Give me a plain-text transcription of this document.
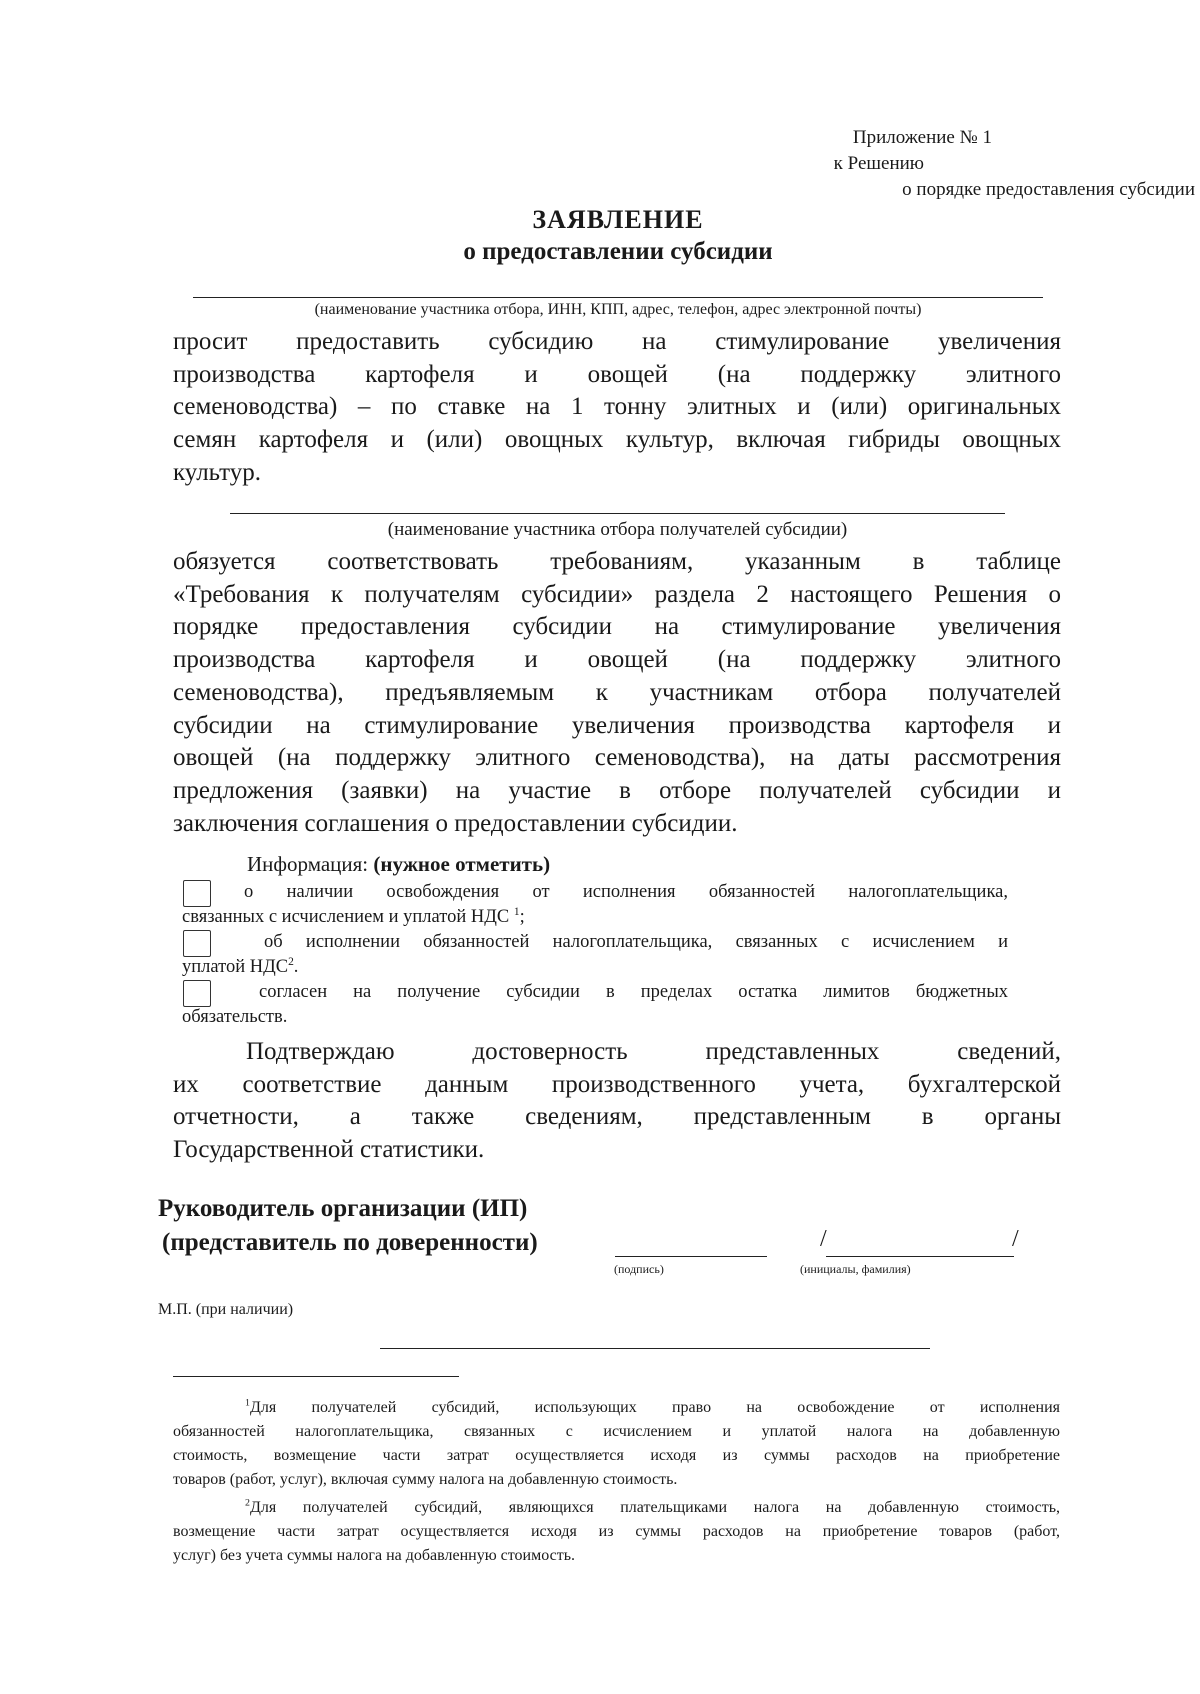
Приложение № 1
к Решению
о порядке предоставления субсидии
ЗАЯВЛЕНИЕ
о предоставлении субсидии
(наименование участника отбора, ИНН, КПП, адрес, телефон, адрес электронной почты)
просит предоставить субсидию на стимулирование увеличения
производства картофеля и овощей (на поддержку элитного
семеноводства) – по ставке на 1 тонну элитных и (или) оригинальных
семян картофеля и (или) овощных культур, включая гибриды овощных
культур.
(наименование участника отбора получателей субсидии)
обязуется соответствовать требованиям, указанным в таблице
«Требования к получателям субсидии» раздела 2 настоящего Решения о
порядке предоставления субсидии на стимулирование увеличения
производства картофеля и овощей (на поддержку элитного
семеноводства), предъявляемым к участникам отбора получателей
субсидии на стимулирование увеличения производства картофеля и
овощей (на поддержку элитного семеноводства), на даты рассмотрения
предложения (заявки) на участие в отборе получателей субсидии и
заключения соглашения о предоставлении субсидии.
Информация: (нужное отметить)
о наличии освобождения от исполнения обязанностей налогоплательщика,
связанных с исчислением и уплатой НДС $^1$;
об исполнении обязанностей налогоплательщика, связанных с исчислением и
уплатой НДС$^2$.
согласен на получение субсидии в пределах остатка лимитов бюджетных
обязательств.
Подтверждаю достоверность представленных сведений,
их соответствие данным производственного учета, бухгалтерской
отчетности, а также сведениям, представленным в органы
Государственной статистики.
Руководитель организации (ИП)
(представитель по доверенности)
(подпись)
/	/
(инициалы, фамилия)
М.П. (при наличии)
$^1$Для получателей субсидий, использующих право на освобождение от исполнения
обязанностей налогоплательщика, связанных с исчислением и уплатой налога на добавленную
стоимость, возмещение части затрат осуществляется исходя из суммы расходов на приобретение
товаров (работ, услуг), включая сумму налога на добавленную стоимость.
$^2$Для получателей субсидий, являющихся плательщиками налога на добавленную стоимость,
возмещение части затрат осуществляется исходя из суммы расходов на приобретение товаров (работ,
услуг) без учета суммы налога на добавленную стоимость.
